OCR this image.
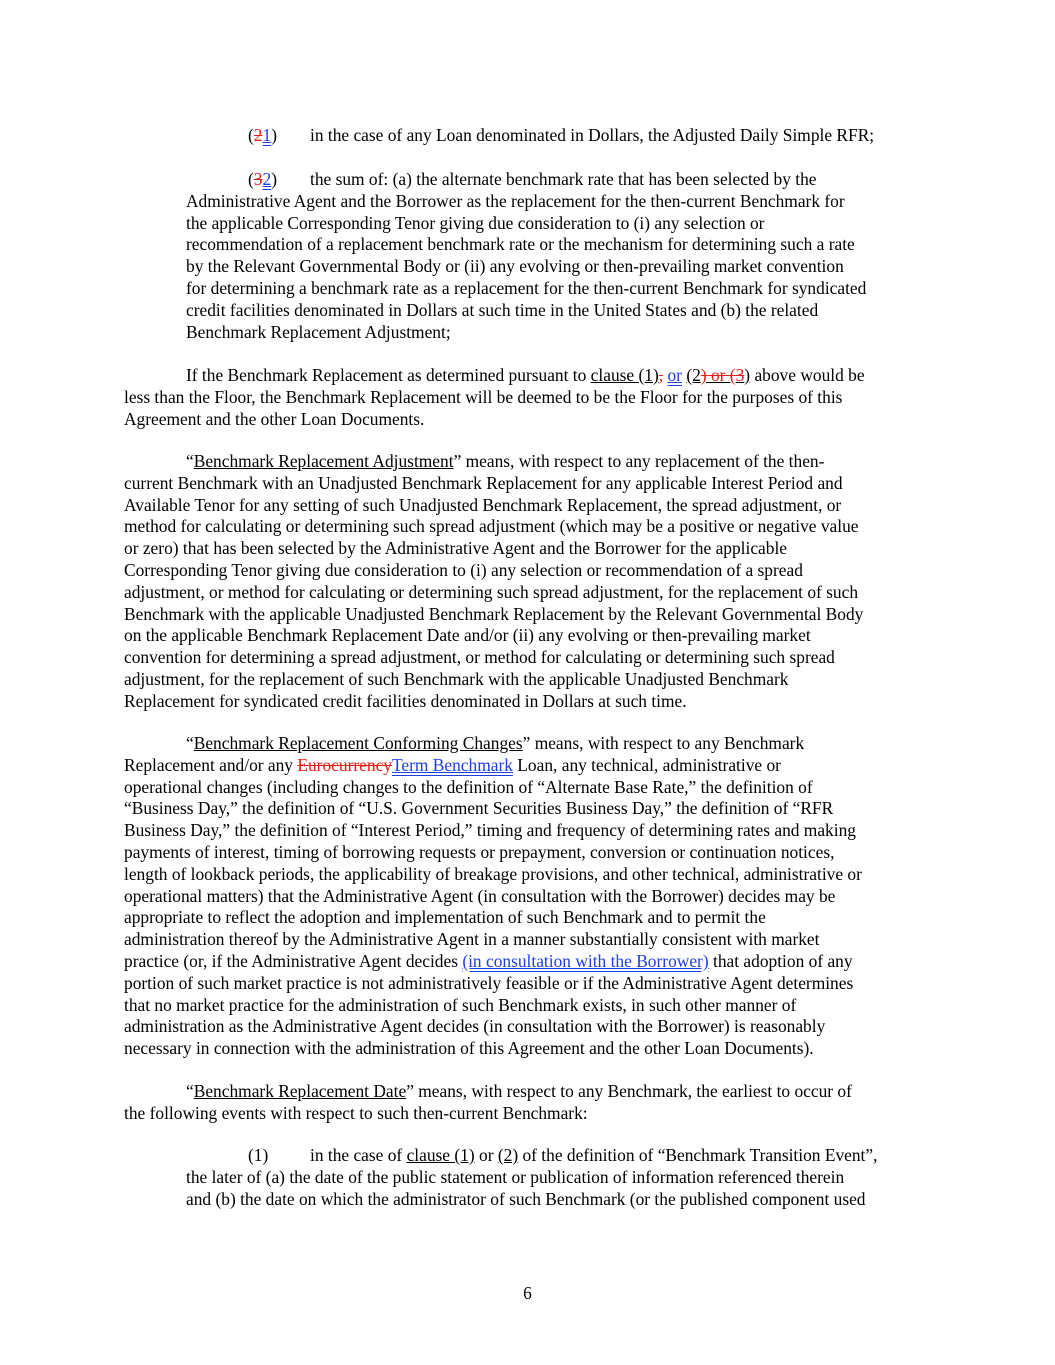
(21) in the case of any Loan denominated in Dollars, the Adjusted Daily Simple RFR;
(32) the sum of: (a) the alternate benchmark rate that has been selected by the
Administrative Agent and the Borrower as the replacement for the then-current Benchmark for
the applicable Corresponding Tenor giving due consideration to (i) any selection or
recommendation of a replacement benchmark rate or the mechanism for determining such a rate
by the Relevant Governmental Body or (ii) any evolving or then-prevailing market convention
for determining a benchmark rate as a replacement for the then-current Benchmark for syndicated
credit facilities denominated in Dollars at such time in the United States and (b) the related
Benchmark Replacement Adjustment;
If the Benchmark Replacement as determined pursuant to clause (1), or (2) or (3) above would be
less than the Floor, the Benchmark Replacement will be deemed to be the Floor for the purposes of this
Agreement and the other Loan Documents.
“Benchmark Replacement Adjustment” means, with respect to any replacement of the then-
current Benchmark with an Unadjusted Benchmark Replacement for any applicable Interest Period and
Available Tenor for any setting of such Unadjusted Benchmark Replacement, the spread adjustment, or
method for calculating or determining such spread adjustment (which may be a positive or negative value
or zero) that has been selected by the Administrative Agent and the Borrower for the applicable
Corresponding Tenor giving due consideration to (i) any selection or recommendation of a spread
adjustment, or method for calculating or determining such spread adjustment, for the replacement of such
Benchmark with the applicable Unadjusted Benchmark Replacement by the Relevant Governmental Body
on the applicable Benchmark Replacement Date and/or (ii) any evolving or then-prevailing market
convention for determining a spread adjustment, or method for calculating or determining such spread
adjustment, for the replacement of such Benchmark with the applicable Unadjusted Benchmark
Replacement for syndicated credit facilities denominated in Dollars at such time.
“Benchmark Replacement Conforming Changes” means, with respect to any Benchmark
Replacement and/or any EurocurrencyTerm Benchmark Loan, any technical, administrative or
operational changes (including changes to the definition of “Alternate Base Rate,” the definition of
“Business Day,” the definition of “U.S. Government Securities Business Day,” the definition of “RFR
Business Day,” the definition of “Interest Period,” timing and frequency of determining rates and making
payments of interest, timing of borrowing requests or prepayment, conversion or continuation notices,
length of lookback periods, the applicability of breakage provisions, and other technical, administrative or
operational matters) that the Administrative Agent (in consultation with the Borrower) decides may be
appropriate to reflect the adoption and implementation of such Benchmark and to permit the
administration thereof by the Administrative Agent in a manner substantially consistent with market
practice (or, if the Administrative Agent decides (in consultation with the Borrower) that adoption of any
portion of such market practice is not administratively feasible or if the Administrative Agent determines
that no market practice for the administration of such Benchmark exists, in such other manner of
administration as the Administrative Agent decides (in consultation with the Borrower) is reasonably
necessary in connection with the administration of this Agreement and the other Loan Documents).
“Benchmark Replacement Date” means, with respect to any Benchmark, the earliest to occur of
the following events with respect to such then-current Benchmark:
(1) in the case of clause (1) or (2) of the definition of “Benchmark Transition Event”,
the later of (a) the date of the public statement or publication of information referenced therein
and (b) the date on which the administrator of such Benchmark (or the published component used
6
